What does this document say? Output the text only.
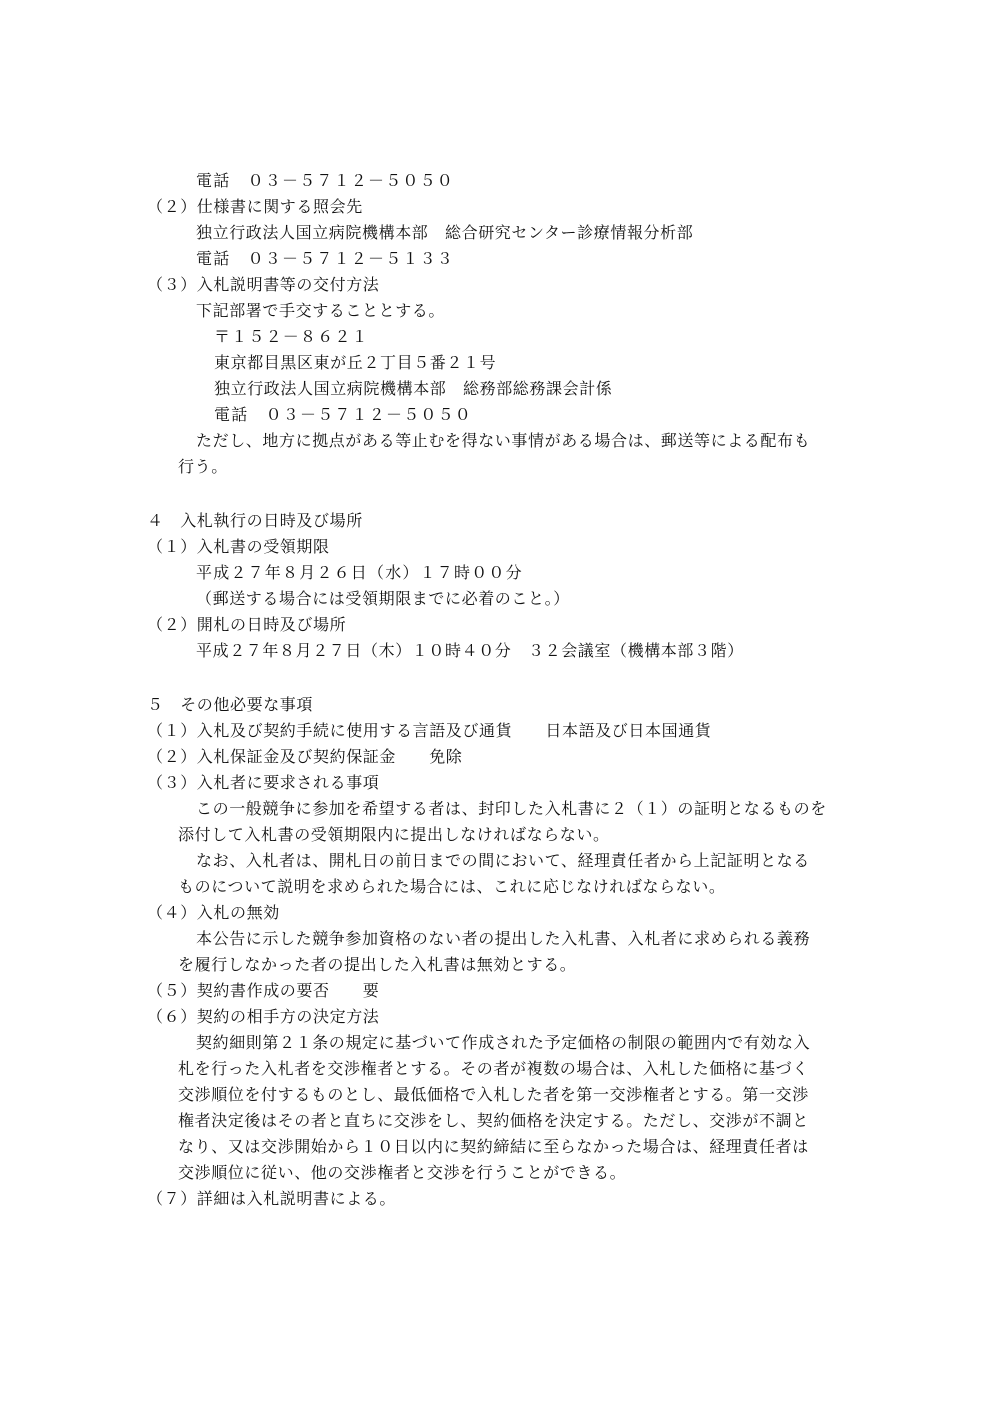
電話　０３－５７１２－５０５０
（２）仕様書に関する照会先
独立行政法人国立病院機構本部　総合研究センター診療情報分析部
電話　０３－５７１２－５１３３
（３）入札説明書等の交付方法
下記部署で手交することとする。
〒１５２－８６２１
東京都目黒区東が丘２丁目５番２１号
独立行政法人国立病院機構本部　総務部総務課会計係
電話　０３－５７１２－５０５０
ただし、地方に拠点がある等止むを得ない事情がある場合は、郵送等による配布も
行う。
４　入札執行の日時及び場所
（１）入札書の受領期限
平成２７年８月２６日（水）１７時００分
（郵送する場合には受領期限までに必着のこと。）
（２）開札の日時及び場所
平成２７年８月２７日（木）１０時４０分　３２会議室（機構本部３階）
５　その他必要な事項
（１）入札及び契約手続に使用する言語及び通貨　　日本語及び日本国通貨
（２）入札保証金及び契約保証金　　免除
（３）入札者に要求される事項
この一般競争に参加を希望する者は、封印した入札書に２（１）の証明となるものを
添付して入札書の受領期限内に提出しなければならない。
なお、入札者は、開札日の前日までの間において、経理責任者から上記証明となる
ものについて説明を求められた場合には、これに応じなければならない。
（４）入札の無効
本公告に示した競争参加資格のない者の提出した入札書、入札者に求められる義務
を履行しなかった者の提出した入札書は無効とする。
（５）契約書作成の要否　　要
（６）契約の相手方の決定方法
契約細則第２１条の規定に基づいて作成された予定価格の制限の範囲内で有効な入
札を行った入札者を交渉権者とする。その者が複数の場合は、入札した価格に基づく
交渉順位を付するものとし、最低価格で入札した者を第一交渉権者とする。第一交渉
権者決定後はその者と直ちに交渉をし、契約価格を決定する。ただし、交渉が不調と
なり、又は交渉開始から１０日以内に契約締結に至らなかった場合は、経理責任者は
交渉順位に従い、他の交渉権者と交渉を行うことができる。
（７）詳細は入札説明書による。
